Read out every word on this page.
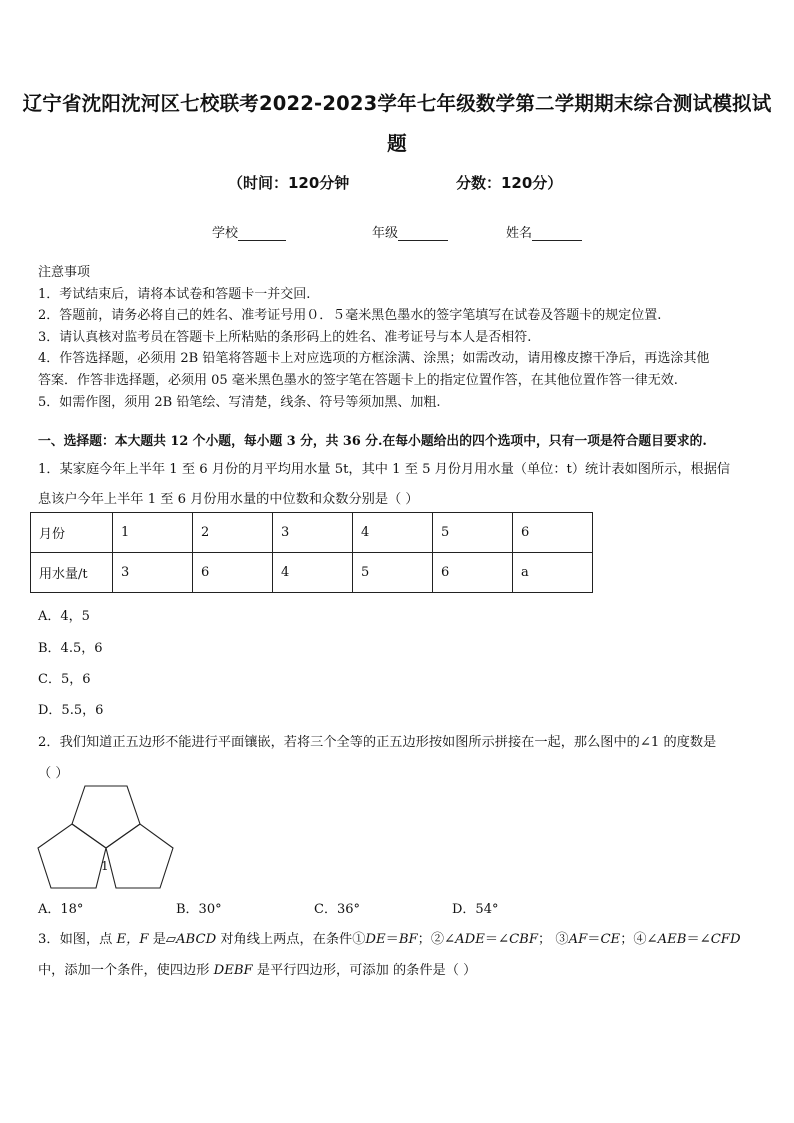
辽宁省沈阳沈河区七校联考2022-2023学年七年级数学第二学期期末综合测试模拟试
题
（时间：120分钟	分数：120分）
学校	年级	姓名
注意事项
1．考试结束后，请将本试卷和答题卡一并交回.
2．答题前，请务必将自己的姓名、准考证号用０．５毫米黑色墨水的签字笔填写在试卷及答题卡的规定位置.
3．请认真核对监考员在答题卡上所粘贴的条形码上的姓名、准考证号与本人是否相符.
4．作答选择题，必须用 2B 铅笔将答题卡上对应选项的方框涂满、涂黑；如需改动，请用橡皮擦干净后，再选涂其他
答案．作答非选择题，必须用 05 毫米黑色墨水的签字笔在答题卡上的指定位置作答，在其他位置作答一律无效.
5．如需作图，须用 2B 铅笔绘、写清楚，线条、符号等须加黑、加粗.
一、选择题：本大题共 12 个小题，每小题 3 分，共 36 分.在每小题给出的四个选项中，只有一项是符合题目要求的.
1．某家庭今年上半年 1 至 6 月份的月平均用水量 5t，其中 1 至 5 月份月用水量（单位：t）统计表如图所示，根据信
息该户今年上半年 1 至 6 月份用水量的中位数和众数分别是（ ）
月份	1	2	3	4	5	6
用水量/t	3	6	4	5	6	a
A．4，5
B．4.5，6
C．5，6
D．5.5，6
2．我们知道正五边形不能进行平面镶嵌，若将三个全等的正五边形按如图所示拼接在一起，那么图中的∠1 的度数是
（ ）
1
A．18°	B．30°	C．36°	D．54°
3．如图，点 E，F 是▱ABCD 对角线上两点，在条件①DE＝BF；②∠ADE＝∠CBF； ③AF＝CE；④∠AEB＝∠CFD
中，添加一个条件，使四边形 DEBF 是平行四边形，可添加 的条件是（ ）
